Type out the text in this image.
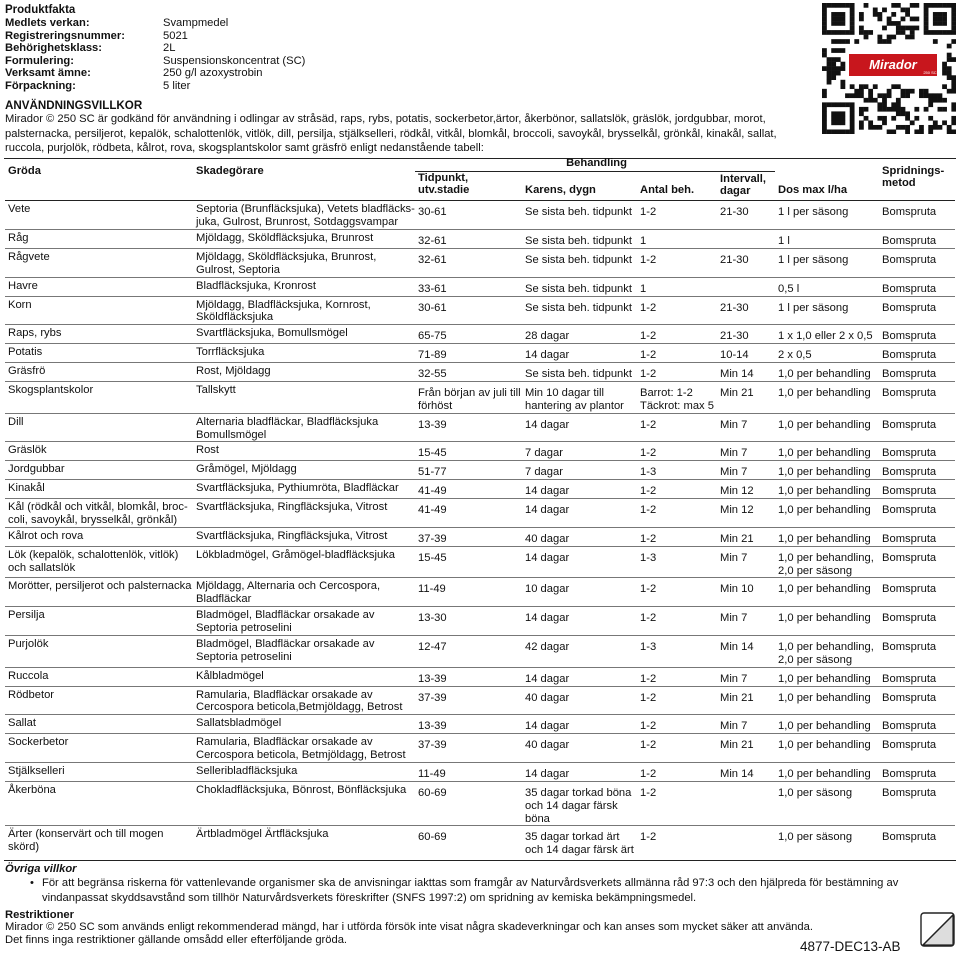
Produktfakta
Medlets verkan:	Svampmedel
Registreringsnummer:	5021
Behörighetsklass:	2L
Formulering:	Suspensionskoncentrat (SC)
Verksamt ämne:	250 g/l azoxystrobin
Förpackning:	5 liter
Mirador
250 SC
ANVÄNDNINGSVILLKOR
Mirador © 250 SC är godkänd för användning i odlingar av stråsäd, raps, rybs, potatis, sockerbetor,ärtor, åkerbönor, sallatslök, gräslök, jordgubbar, morot, palsternacka, persiljerot, kepalök, schalottenlök, vitlök, dill, persilja, stjälkselleri, rödkål, vitkål, blomkål, broccoli, savoykål, brysselkål, grönkål, kinakål, sallat, ruccola, purjolök, rödbeta, kålrot, rova, skogsplantskolor samt gräsfrö enligt nedanstående tabell:
Gröda	Skadegörare	Behandling					Spridningsmetod
		Tidpunkt, utv.stadie	Karens, dygn	Antal beh.	Intervall, dagar	Dos max l/ha	
Vete	Septoria (Brunfläcksjuka), Vetets bladfläcks-juka, Gulrost, Brunrost, Sotdaggsvampar	30-61	Se sista beh. tidpunkt	1-2	21-30	1 l per säsong	Bomspruta
Råg	Mjöldagg, Sköldfläcksjuka, Brunrost	32-61	Se sista beh. tidpunkt	1		1 l	Bomspruta
Rågvete	Mjöldagg, Sköldfläcksjuka, Brunrost, Gulrost, Septoria	32-61	Se sista beh. tidpunkt	1-2	21-30	1 l per säsong	Bomspruta
Havre	Bladfläcksjuka, Kronrost	33-61	Se sista beh. tidpunkt	1		0,5 l	Bomspruta
Korn	Mjöldagg, Bladfläcksjuka, Kornrost, Sköldfläcksjuka	30-61	Se sista beh. tidpunkt	1-2	21-30	1 l per säsong	Bomspruta
Raps, rybs	Svartfläcksjuka, Bomullsmögel	65-75	28 dagar	1-2	21-30	1 x 1,0 eller 2 x 0,5	Bomspruta
Potatis	Torrfläcksjuka	71-89	14 dagar	1-2	10-14	2 x 0,5	Bomspruta
Gräsfrö	Rost, Mjöldagg	32-55	Se sista beh. tidpunkt	1-2	Min 14	1,0 per behandling	Bomspruta
Skogsplantskolor	Tallskytt	Från början av juli till förhöst	Min 10 dagar till hantering av plantor	Barrot: 1-2 Täckrot: max 5	Min 21	1,0 per behandling	Bomspruta
Dill	Alternaria bladfläckar, Bladfläcksjuka Bomullsmögel	13-39	14 dagar	1-2	Min 7	1,0 per behandling	Bomspruta
Gräslök	Rost	15-45	7 dagar	1-2	Min 7	1,0 per behandling	Bomspruta
Jordgubbar	Gråmögel, Mjöldagg	51-77	7 dagar	1-3	Min 7	1,0 per behandling	Bomspruta
Kinakål	Svartfläcksjuka, Pythiumröta, Bladfläckar	41-49	14 dagar	1-2	Min 12	1,0 per behandling	Bomspruta
Kål (rödkål och vitkål, blomkål, broc-coli, savoykål, brysselkål, grönkål)	Svartfläcksjuka, Ringfläcksjuka, Vitrost	41-49	14 dagar	1-2	Min 12	1,0 per behandling	Bomspruta
Kålrot och rova	Svartfläcksjuka, Ringfläcksjuka, Vitrost	37-39	40 dagar	1-2	Min 21	1,0 per behandling	Bomspruta
Lök (kepalök, schalottenlök, vitlök) och sallatslök	Lökbladmögel, Gråmögel-bladfläcksjuka	15-45	14 dagar	1-3	Min 7	1,0 per behandling, 2,0 per säsong	Bomspruta
Morötter, persiljerot och palsternacka	Mjöldagg, Alternaria och Cercospora, Bladfläckar	11-49	10 dagar	1-2	Min 10	1,0 per behandling	Bomspruta
Persilja	Bladmögel, Bladfläckar orsakade av Septoria petroselini	13-30	14 dagar	1-2	Min 7	1,0 per behandling	Bomspruta
Purjolök	Bladmögel, Bladfläckar orsakade av Septoria petroselini	12-47	42 dagar	1-3	Min 14	1,0 per behandling, 2,0 per säsong	Bomspruta
Ruccola	Kålbladmögel	13-39	14 dagar	1-2	Min 7	1,0 per behandling	Bomspruta
Rödbetor	Ramularia, Bladfläckar orsakade av Cercospora beticola,Betmjöldagg, Betrost	37-39	40 dagar	1-2	Min 21	1,0 per behandling	Bomspruta
Sallat	Sallatsbladmögel	13-39	14 dagar	1-2	Min 7	1,0 per behandling	Bomspruta
Sockerbetor	Ramularia, Bladfläckar orsakade av Cercospora beticola, Betmjöldagg, Betrost	37-39	40 dagar	1-2	Min 21	1,0 per behandling	Bomspruta
Stjälkselleri	Selleribladfläcksjuka	11-49	14 dagar	1-2	Min 14	1,0 per behandling	Bomspruta
Åkerböna	Chokladfläcksjuka, Bönrost, Bönfläcksjuka	60-69	35 dagar torkad böna och 14 dagar färsk böna	1-2		1,0 per säsong	Bomspruta
Ärter (konservärt och till mogen skörd)	Ärtbladmögel Ärtfläcksjuka	60-69	35 dagar torkad ärt och 14 dagar färsk ärt	1-2		1,0 per säsong	Bomspruta
Övriga villkor
• För att begränsa riskerna för vattenlevande organismer ska de anvisningar iakttas som framgår av Naturvårdsverkets allmänna råd 97:3 och den hjälpreda för bestämning av vindanpassat skyddsavstånd som tillhör Naturvårdsverkets föreskrifter (SNFS 1997:2) om spridning av kemiska bekämpningsmedel.
Restriktioner
Mirador © 250 SC som används enligt rekommenderad mängd, har i utförda försök inte visat några skadeverkningar och kan anses som mycket säker att använda.
Det finns inga restriktioner gällande omsådd eller efterföljande gröda.	4877-DEC13-AB
